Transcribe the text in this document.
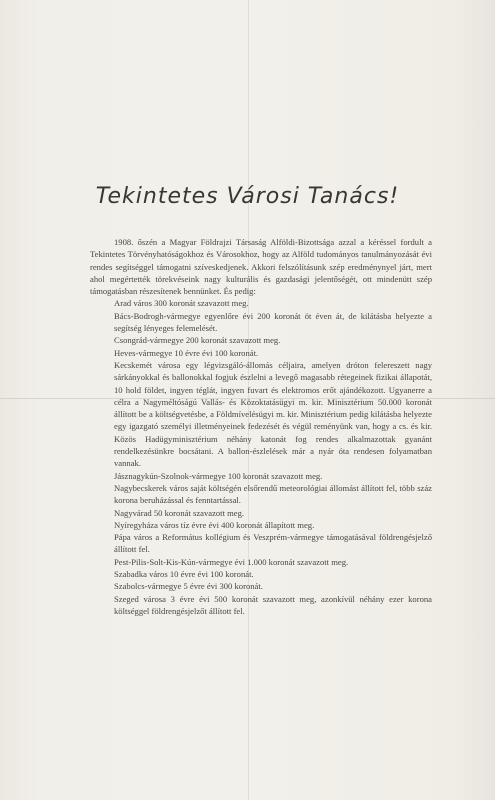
Tekintetes Városi Tanács!

1908. őszén a Magyar Földrajzi Társaság Alföldi-Bizottsága azzal a kéréssel fordult a Tekintetes Törvényhatóságokhoz és Városokhoz, hogy az Alföld tudományos tanulmányozását évi rendes segítséggel támogatni szíveskedjenek. Akkori felszólításunk szép eredménynyel járt, mert ahol megértették törekvéseink nagy kulturális és gazdasági jelentőségét, ott mindenütt szép támogatásban részesítenek bennünket. És pedig:

Arad város 300 koronát szavazott meg.

Bács-Bodrogh-vármegye egyenlőre évi 200 koronát öt éven át, de kilátásba helyezte a segítség lényeges felemelését.

Csongrád-vármegye 200 koronát szavazott meg.

Heves-vármegye 10 évre évi 100 koronát.

Kecskemét városa egy légvizsgáló-állomás céljaira, amelyen dróton felereszett nagy sárkányokkal és ballonokkal fogjuk észlelni a levegő magasabb rétegeinek fizikai állapotát, 10 hold földet, ingyen téglát, ingyen fuvart és elektromos erőt ajándékozott. Ugyanerre a célra a Nagyméltóságú Vallás- és Közoktatásügyi m. kir. Minisztérium 50.000 koronát állított be a költségvetésbe, a Földmívelésügyi m. kir. Minisztérium pedig kilátásba helyezte egy igazgató személyi illetményeinek fedezését és végül reményünk van, hogy a cs. és kir. Közös Hadügyminisztérium néhány katonát fog rendes alkalmazottak gyanánt rendelkezésünkre bocsátani. A ballon-észlelések már a nyár óta rendesen folyamatban vannak.

Jásznagykún-Szolnok-vármegye 100 koronát szavazott meg.

Nagybecskerek város saját költségén elsőrendű meteorológiai állomást állított fel, több száz korona beruházással és fenntartással.

Nagyvárad 50 koronát szavazott meg.

Nyíregyháza város tíz évre évi 400 koronát állapított meg.

Pápa város a Református kollégium és Veszprém-vármegye támogatásával földrengésjelző állított fel.

Pest-Pilis-Solt-Kis-Kún-vármegye évi 1.000 koronát szavazott meg.

Szabadka város 10 évre évi 100 koronát.

Szabolcs-vármegye 5 évre évi 300 koronát.

Szeged városa 3 évre évi 500 koronát szavazott meg, azonkívül néhány ezer korona költséggel földrengésjelzőt állított fel.
